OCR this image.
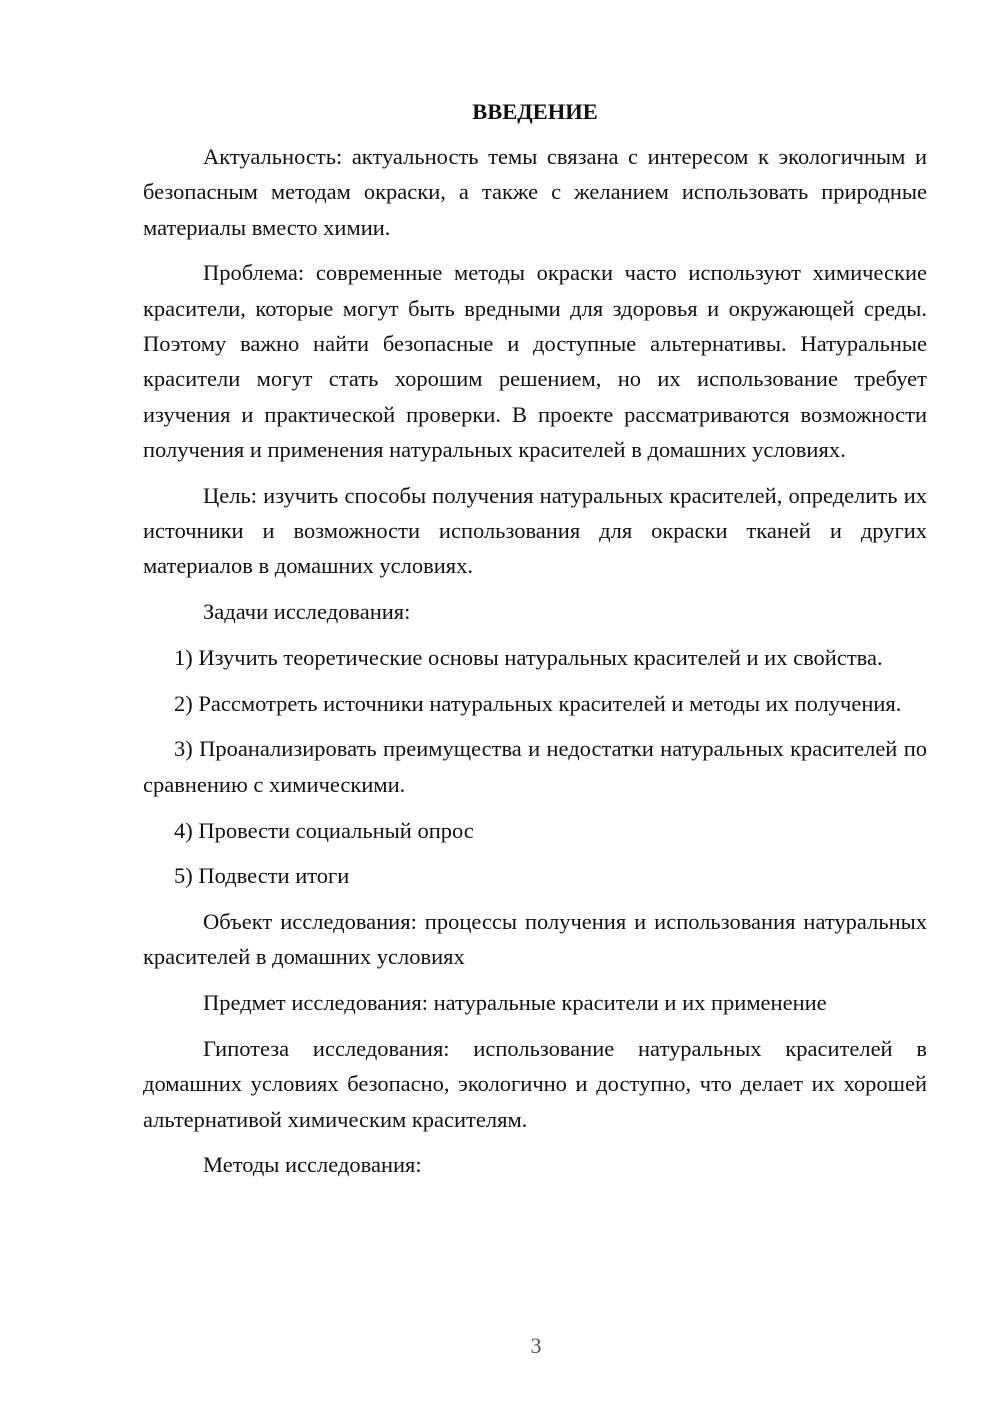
ВВЕДЕНИЕ

Актуальность: актуальность темы связана с интересом к экологичным и безопасным методам окраски, а также с желанием использовать природные материалы вместо химии.

Проблема: современные методы окраски часто используют химические красители, которые могут быть вредными для здоровья и окружающей среды. Поэтому важно найти безопасные и доступные альтернативы. Натуральные красители могут стать хорошим решением, но их использование требует изучения и практической проверки. В проекте рассматриваются возможности получения и применения натуральных красителей в домашних условиях.

Цель: изучить способы получения натуральных красителей, определить их источники и возможности использования для окраски тканей и других материалов в домашних условиях.

Задачи исследования:

1) Изучить теоретические основы натуральных красителей и их свойства.

2) Рассмотреть источники натуральных красителей и методы их получения.

3) Проанализировать преимущества и недостатки натуральных красителей по сравнению с химическими.

4) Провести социальный опрос

5) Подвести итоги

Объект исследования: процессы получения и использования натуральных красителей в домашних условиях

Предмет исследования: натуральные красители и их применение

Гипотеза исследования: использование натуральных красителей в домашних условиях безопасно, экологично и доступно, что делает их хорошей альтернативой химическим красителям.

Методы исследования:

3
